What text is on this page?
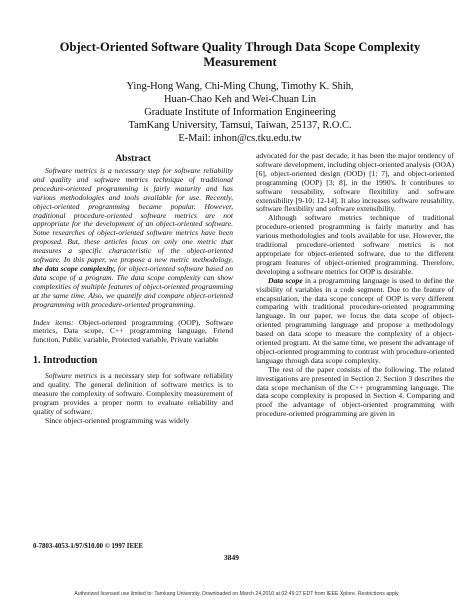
Object-Oriented Software Quality Through Data Scope Complexity
Measurement
Ying-Hong Wang, Chi-Ming Chung, Timothy K. Shih,
Huan-Chao Keh and Wei-Chuan Lin
Graduate Institute of Information Engineering
TamKang University, Tamsui, Taiwan, 25137, R.O.C.
E-Mail: inhon@cs.tku.edu.tw
Abstract

Software metrics is a necessary step for software reliability and quality and software metrics technique of traditional procedure-oriented programming is fairly maturity and has various methodologies and tools available for use. Recently, object-oriented programming became popular. However, traditional procedure-oriented software metrics are not appropriate for the development of an object-oriented software. Some researches of object-oriented software metrics have been proposed. But, these articles focus on only one metric that measures a specific characteristic of the object-oriented software. In this paper, we propose a new metric methodology, the data scope complexity, for object-oriented software based on data scope of a program. The data scope complexity can show complexities of multiple features of object-oriented programming at the same time. Also, we quantify and compare object-oriented programming with procedure-oriented programming.

Index items: Object-oriented programming (OOP), Software metrics, Data scope, C++ programming language, Friend function, Public variable, Protected variable, Private variable

1. Introduction

Software metrics is a necessary step for software reliability and quality. The general definition of software metrics is to measure the complexity of software. Complexity measurement of program provides a proper norm to evaluate reliability and quality of software.

Since object-oriented programming was widely

advocated for the past decade, it has been the major tendency of software development, including object-oriented analysis (OOA) [6], object-oriented design (OOD) [1; 7], and object-oriented programming (OOP) [3; 8], in the 1990's. It contributes to software reusability, software flexibility and software extensibility [9-10; 12-14]. It also increases software reusability, software flexibility and software extensibility.

Although software metrics technique of traditional procedure-oriented programming is fairly maturity and has various methodologies and tools available for use. However, the traditional procedure-oriented software metrics is not appropriate for object-oriented software, due to the different program features of object-oriented programming. Therefore, developing a software metrics for OOP is desirable.

Data scope in a programming language is used to define the visibility of variables in a code segment. Due to the feature of encapsulation, the data scope concept of OOP is very different comparing with traditional procedure-oriented programming language. In our paper, we focus the data scope of object-oriented programming language and propose a methodology based on data scope to measure the complexity of a object-oriented program. At the same time, we present the advantage of object-oriented programming to contrast with procedure-oriented language through data scope complexity.

The rest of the paper consists of the following. The related investigations are presented in Section 2. Section 3 describes the data scope mechanism of the C++ programming language. The data scope complexity is proposed in Section 4. Comparing and proof the advantage of object-oriented programming with procedure-oriented programming are given in

0-7803-4053-1/97/$10.00 © 1997 IEEE
3849
Authorized licensed use limited to: Tamkang University. Downloaded on March 24,2010 at 02:49:27 EDT from IEEE Xplore. Restrictions apply.
